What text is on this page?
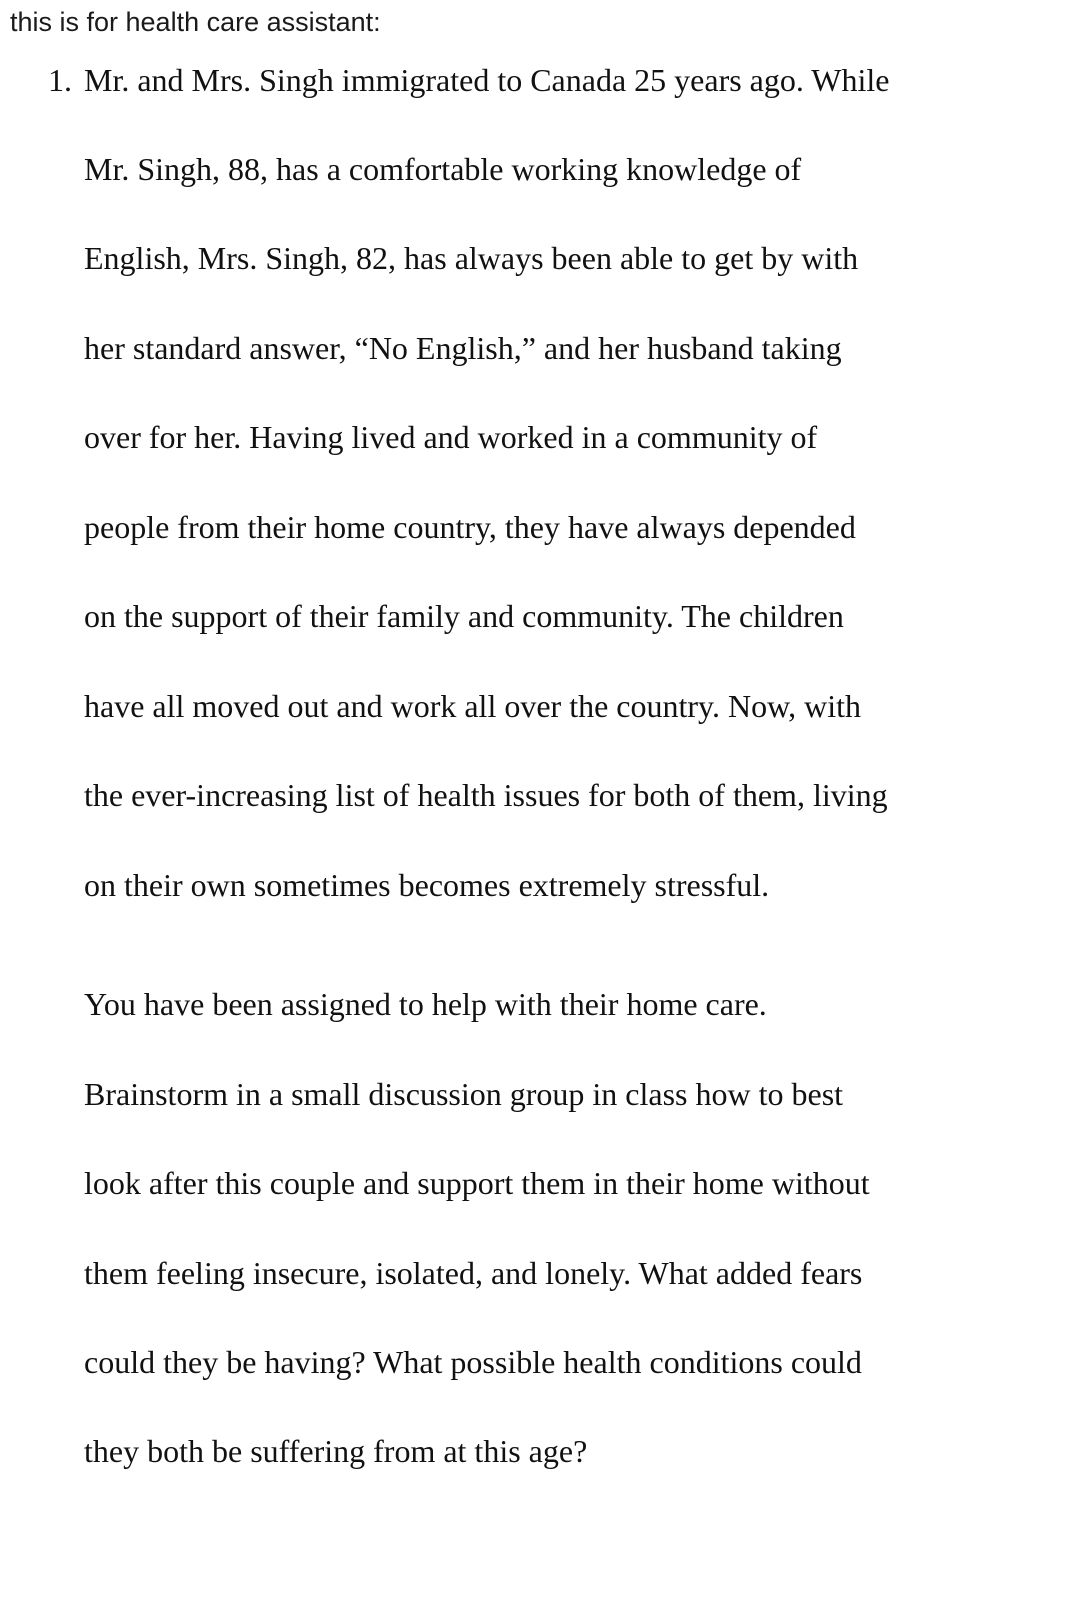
this is for health care assistant:
1. Mr. and Mrs. Singh immigrated to Canada 25 years ago. While
Mr. Singh, 88, has a comfortable working knowledge of
English, Mrs. Singh, 82, has always been able to get by with
her standard answer, “No English,” and her husband taking
over for her. Having lived and worked in a community of
people from their home country, they have always depended
on the support of their family and community. The children
have all moved out and work all over the country. Now, with
the ever-increasing list of health issues for both of them, living
on their own sometimes becomes extremely stressful.
You have been assigned to help with their home care.
Brainstorm in a small discussion group in class how to best
look after this couple and support them in their home without
them feeling insecure, isolated, and lonely. What added fears
could they be having? What possible health conditions could
they both be suffering from at this age?
